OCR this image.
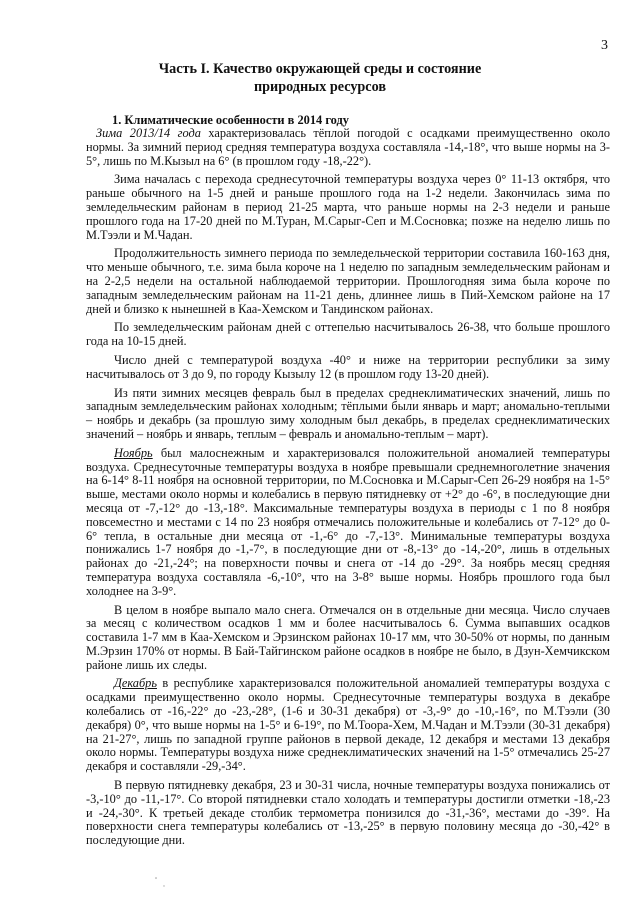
3
Часть I. Качество окружающей среды и состояние
природных ресурсов
1. Климатические особенности в 2014 году

Зима 2013/14 года характеризовалась тёплой погодой с осадками преимущественно около нормы. За зимний период средняя температура воздуха составляла -14,-18°, что выше нормы на 3-5°, лишь по М.Кызыл на 6° (в прошлом году -18,-22°).

Зима началась с перехода среднесуточной температуры воздуха через 0° 11-13 октября, что раньше обычного на 1-5 дней и раньше прошлого года на 1-2 недели. Закончилась зима по земледельческим районам в период 21-25 марта, что раньше нормы на 2-3 недели и раньше прошлого года на 17-20 дней по М.Туран, М.Сарыг-Сеп и М.Сосновка; позже на неделю лишь по М.Тээли и М.Чадан.

Продолжительность зимнего периода по земледельческой территории составила 160-163 дня, что меньше обычного, т.е. зима была короче на 1 неделю по западным земледельческим районам и на 2-2,5 недели на остальной наблюдаемой территории. Прошлогодняя зима была короче по западным земледельческим районам на 11-21 день, длиннее лишь в Пий-Хемском районе на 17 дней и близко к нынешней в Каа-Хемском и Тандинском районах.

По земледельческим районам дней с оттепелью насчитывалось 26-38, что больше прошлого года на 10-15 дней.

Число дней с температурой воздуха -40° и ниже на территории республики за зиму насчитывалось от 3 до 9, по городу Кызылу 12 (в прошлом году 13-20 дней).

Из пяти зимних месяцев февраль был в пределах среднеклиматических значений, лишь по западным земледельческим районах холодным; тёплыми были январь и март; аномально-теплыми – ноябрь и декабрь (за прошлую зиму холодным был декабрь, в пределах среднеклиматических значений – ноябрь и январь, теплым – февраль и аномально-теплым – март).

Ноябрь был малоснежным и характеризовался положительной аномалией температуры воздуха. Среднесуточные температуры воздуха в ноябре превышали среднемноголетние значения на 6-14° 8-11 ноября на основной территории, по М.Сосновка и М.Сарыг-Сеп 26-29 ноября на 1-5° выше, местами около нормы и колебались в первую пятидневку от +2° до -6°, в последующие дни месяца от -7,-12° до -13,-18°. Максимальные температуры воздуха в периоды с 1 по 8 ноября повсеместно и местами с 14 по 23 ноября отмечались положительные и колебались от 7-12° до 0-6° тепла, в остальные дни месяца от -1,-6° до -7,-13°. Минимальные температуры воздуха понижались 1-7 ноября до -1,-7°, в последующие дни от -8,-13° до -14,-20°, лишь в отдельных районах до -21,-24°; на поверхности почвы и снега от -14 до -29°. За ноябрь месяц средняя температура воздуха составляла -6,-10°, что на 3-8° выше нормы. Ноябрь прошлого года был холоднее на 3-9°.

В целом в ноябре выпало мало снега. Отмечался он в отдельные дни месяца. Число случаев за месяц с количеством осадков 1 мм и более насчитывалось 6. Сумма выпавших осадков составила 1-7 мм в Каа-Хемском и Эрзинском районах 10-17 мм, что 30-50% от нормы, по данным М.Эрзин 170% от нормы. В Бай-Тайгинском районе осадков в ноябре не было, в Дзун-Хемчикском районе лишь их следы.

Декабрь в республике характеризовался положительной аномалией температуры воздуха с осадками преимущественно около нормы. Среднесуточные температуры воздуха в декабре колебались от -16,-22° до -23,-28°, (1-6 и 30-31 декабря) от -3,-9° до -10,-16°, по М.Тээли (30 декабря) 0°, что выше нормы на 1-5° и 6-19°, по М.Тоора-Хем, М.Чадан и М.Тээли (30-31 декабря) на 21-27°, лишь по западной группе районов в первой декаде, 12 декабря и местами 13 декабря около нормы. Температуры воздуха ниже среднеклиматических значений на 1-5° отмечались 25-27 декабря и составляли -29,-34°.

В первую пятидневку декабря, 23 и 30-31 числа, ночные температуры воздуха понижались от -3,-10° до -11,-17°. Со второй пятидневки стало холодать и температуры достигли отметки -18,-23 и -24,-30°. К третьей декаде столбик термометра понизился до -31,-36°, местами до -39°. На поверхности снега температуры колебались от -13,-25° в первую половину месяца до -30,-42° в последующие дни.
